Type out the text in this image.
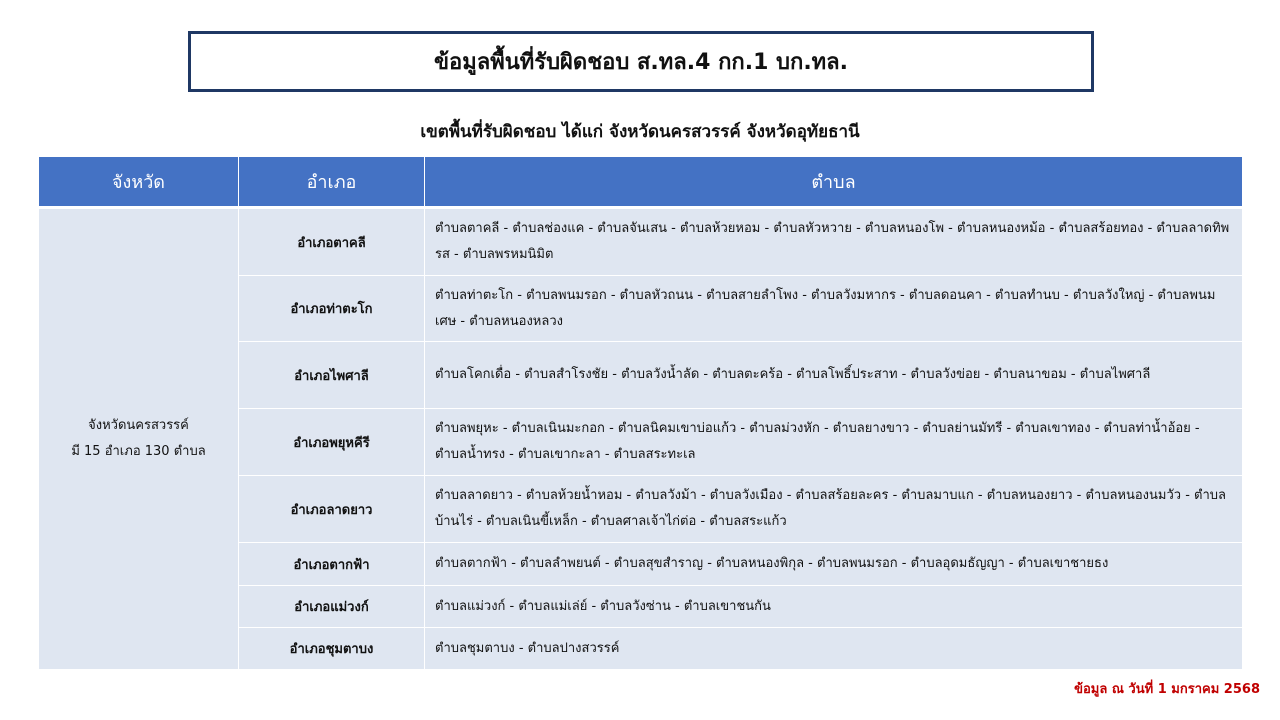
ข้อมูลพื้นที่รับผิดชอบ ส.ทล.4 กก.1 บก.ทล.
เขตพื้นที่รับผิดชอบ ได้แก่ จังหวัดนครสวรรค์ จังหวัดอุทัยธานี
จังหวัด	อำเภอ	ตำบล

จังหวัดนครสวรรค์
มี 15 อำเภอ 130 ตำบล	อำเภอตาคลี	ตำบลตาคลี - ตำบลช่องแค - ตำบลจันเสน - ตำบลห้วยหอม - ตำบลหัวหวาย - ตำบลหนองโพ - ตำบลหนองหม้อ - ตำบลสร้อยทอง - ตำบลลาดทิพรส - ตำบลพรหมนิมิต
	อำเภอท่าตะโก	ตำบลท่าตะโก - ตำบลพนมรอก - ตำบลหัวถนน - ตำบลสายลำโพง - ตำบลวังมหากร - ตำบลดอนคา - ตำบลทำนบ - ตำบลวังใหญ่ - ตำบลพนมเศษ - ตำบลหนองหลวง
	อำเภอไพศาลี	ตำบลโคกเดื่อ - ตำบลสำโรงชัย - ตำบลวังน้ำลัด - ตำบลตะคร้อ - ตำบลโพธิ์ประสาท - ตำบลวังข่อย - ตำบลนาขอม - ตำบลไพศาลี
	อำเภอพยุหคีรี	ตำบลพยุหะ - ตำบลเนินมะกอก - ตำบลนิคมเขาบ่อแก้ว - ตำบลม่วงหัก - ตำบลยางขาว - ตำบลย่านมัทรี - ตำบลเขาทอง - ตำบลท่าน้ำอ้อย - ตำบลน้ำทรง - ตำบลเขากะลา - ตำบลสระทะเล
	อำเภอลาดยาว	ตำบลลาดยาว - ตำบลห้วยน้ำหอม - ตำบลวังม้า - ตำบลวังเมือง - ตำบลสร้อยละคร - ตำบลมาบแก - ตำบลหนองยาว - ตำบลหนองนมวัว - ตำบลบ้านไร่ - ตำบลเนินขี้เหล็ก - ตำบลศาลเจ้าไก่ต่อ - ตำบลสระแก้ว
	อำเภอตากฟ้า	ตำบลตากฟ้า - ตำบลลำพยนต์ - ตำบลสุขสำราญ - ตำบลหนองพิกุล - ตำบลพนมรอก - ตำบลอุดมธัญญา - ตำบลเขาชายธง
	อำเภอแม่วงก์	ตำบลแม่วงก์ - ตำบลแม่เล่ย์ - ตำบลวังซ่าน - ตำบลเขาชนกัน
	อำเภอชุมตาบง	ตำบลชุมตาบง - ตำบลปางสวรรค์
ข้อมูล ณ วันที่ 1 มกราคม 2568
